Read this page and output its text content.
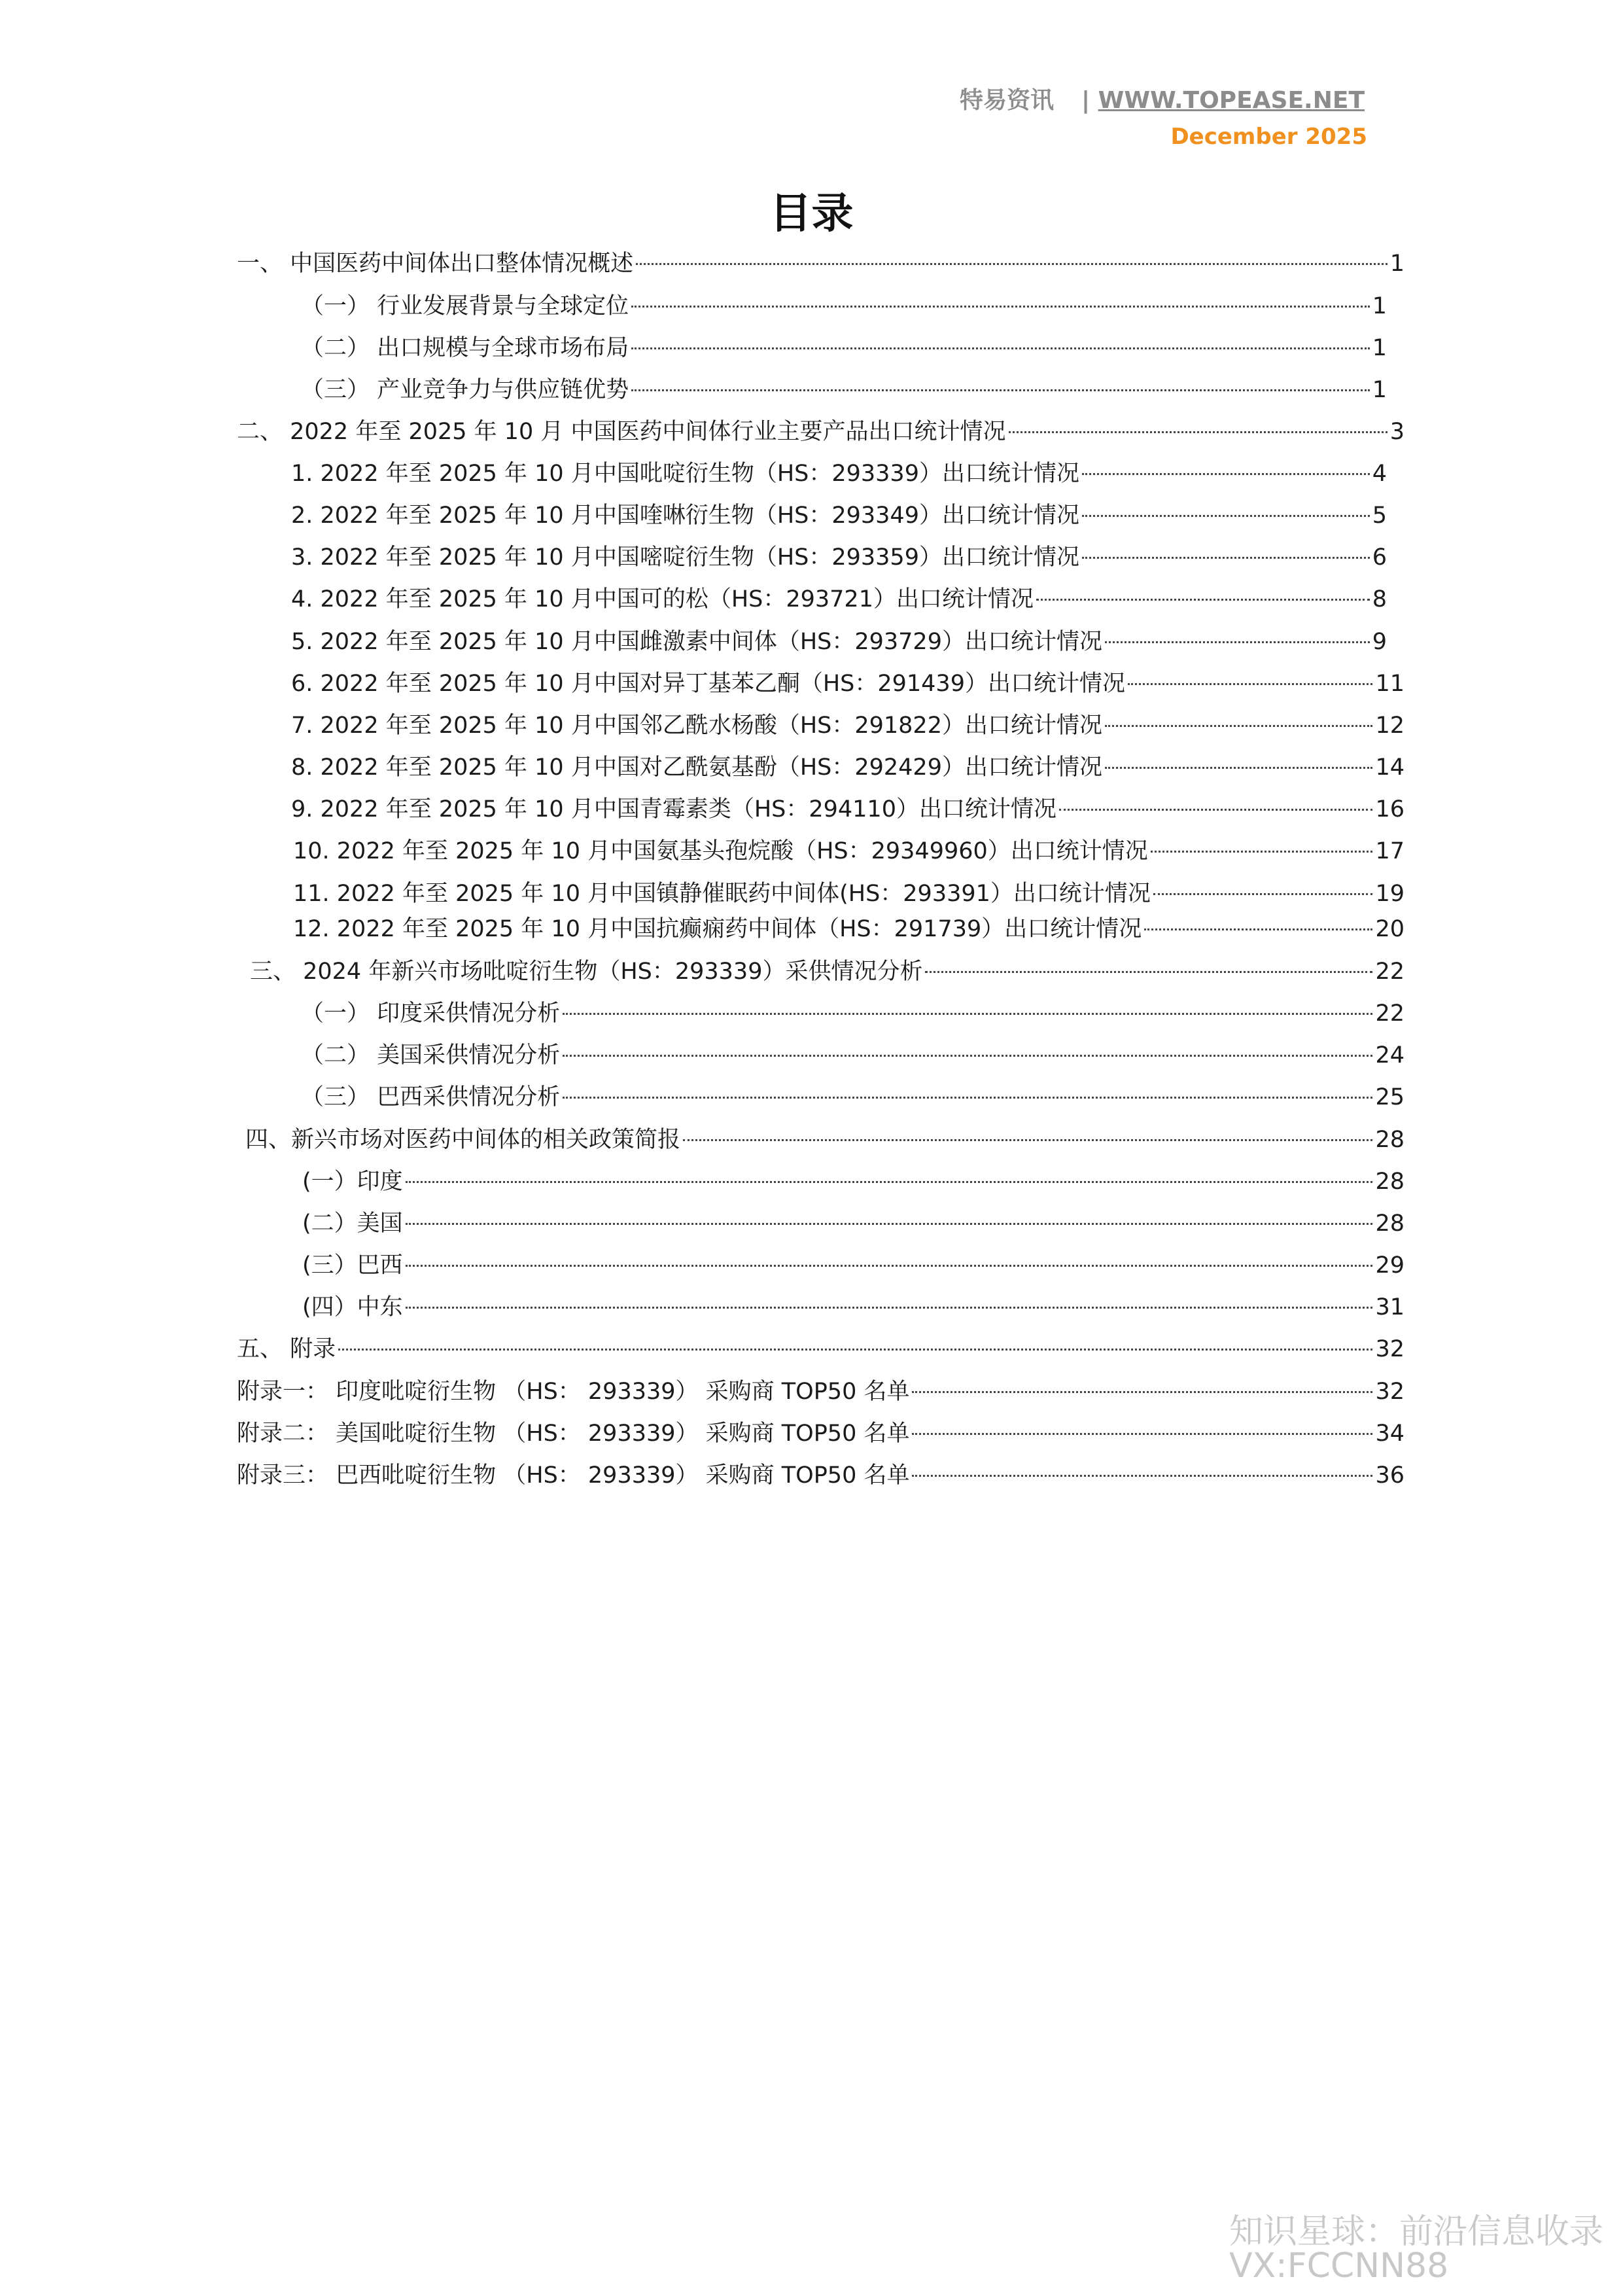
特易资讯 | WWW.TOPEASE.NET
December 2025
目录
一、 中国医药中间体出口整体情况概述	1
（一） 行业发展背景与全球定位	1
（二） 出口规模与全球市场布局	1
（三） 产业竞争力与供应链优势	1
二、 2022 年至 2025 年 10 月 中国医药中间体行业主要产品出口统计情况	3
1. 2022 年至 2025 年 10 月中国吡啶衍生物（HS：293339）出口统计情况	4
2. 2022 年至 2025 年 10 月中国喹啉衍生物（HS：293349）出口统计情况	5
3. 2022 年至 2025 年 10 月中国嘧啶衍生物（HS：293359）出口统计情况	6
4. 2022 年至 2025 年 10 月中国可的松（HS：293721）出口统计情况	8
5. 2022 年至 2025 年 10 月中国雌激素中间体（HS：293729）出口统计情况	9
6. 2022 年至 2025 年 10 月中国对异丁基苯乙酮（HS：291439）出口统计情况	11
7. 2022 年至 2025 年 10 月中国邻乙酰水杨酸（HS：291822）出口统计情况	12
8. 2022 年至 2025 年 10 月中国对乙酰氨基酚（HS：292429）出口统计情况	14
9. 2022 年至 2025 年 10 月中国青霉素类（HS：294110）出口统计情况	16
10. 2022 年至 2025 年 10 月中国氨基头孢烷酸（HS：29349960）出口统计情况	17
11. 2022 年至 2025 年 10 月中国镇静催眠药中间体(HS：293391）出口统计情况	19
12. 2022 年至 2025 年 10 月中国抗癫痫药中间体（HS：291739）出口统计情况	20
三、 2024 年新兴市场吡啶衍生物（HS：293339）采供情况分析	22
（一） 印度采供情况分析	22
（二） 美国采供情况分析	24
（三） 巴西采供情况分析	25
四、新兴市场对医药中间体的相关政策简报	28
(一）印度	28
(二）美国	28
(三）巴西	29
(四）中东	31
五、 附录	32
附录一： 印度吡啶衍生物 （HS： 293339） 采购商 TOP50 名单	32
附录二： 美国吡啶衍生物 （HS： 293339） 采购商 TOP50 名单	34
附录三： 巴西吡啶衍生物 （HS： 293339） 采购商 TOP50 名单	36
知识星球：前沿信息收录
VX:FCCNN88
